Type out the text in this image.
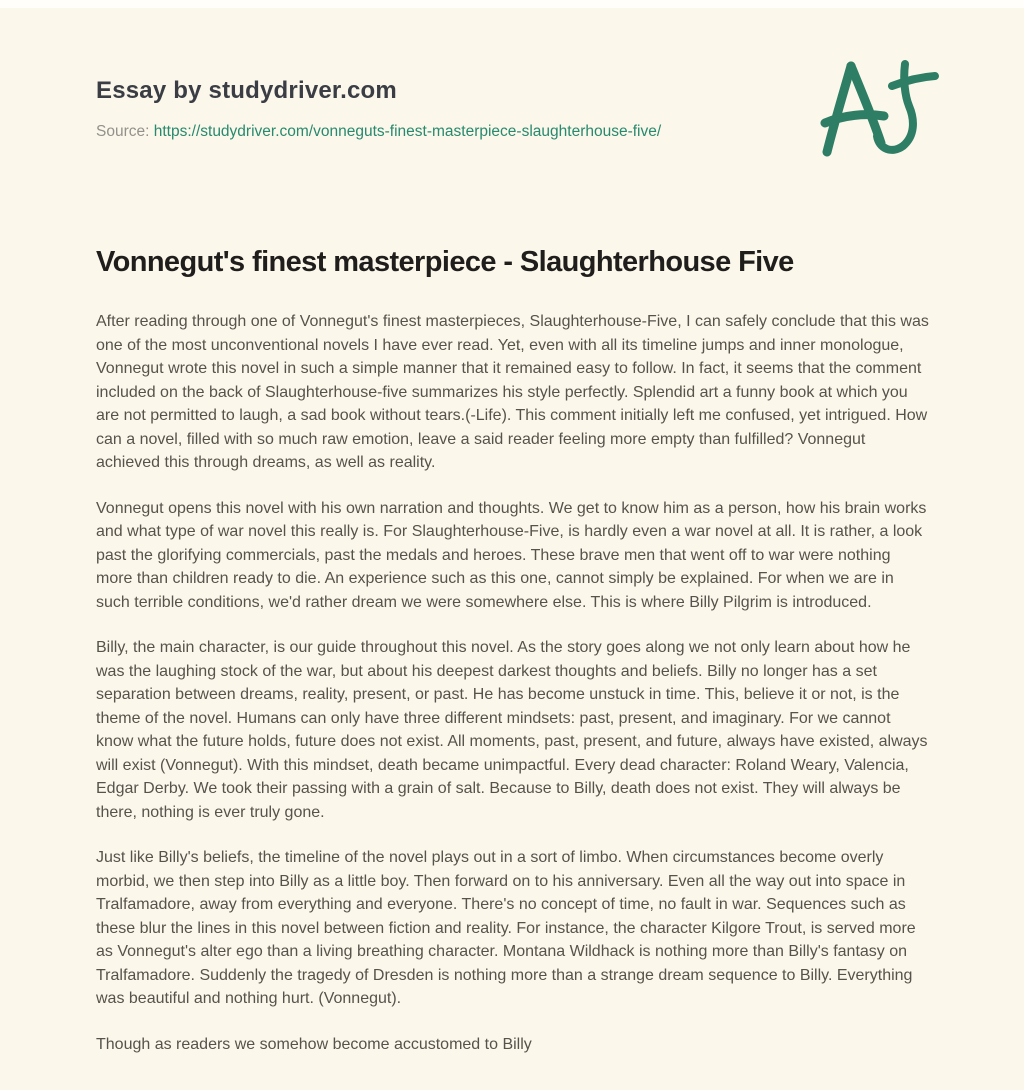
Essay by studydriver.com
Source: https://studydriver.com/vonneguts-finest-masterpiece-slaughterhouse-five/
Vonnegut's finest masterpiece - Slaughterhouse Five

After reading through one of Vonnegut's finest masterpieces, Slaughterhouse-Five, I can safely conclude that this was one of the most unconventional novels I have ever read. Yet, even with all its timeline jumps and inner monologue, Vonnegut wrote this novel in such a simple manner that it remained easy to follow. In fact, it seems that the comment included on the back of Slaughterhouse-five summarizes his style perfectly. Splendid art a funny book at which you are not permitted to laugh, a sad book without tears.(-Life). This comment initially left me confused, yet intrigued. How can a novel, filled with so much raw emotion, leave a said reader feeling more empty than fulfilled? Vonnegut achieved this through dreams, as well as reality.

Vonnegut opens this novel with his own narration and thoughts. We get to know him as a person, how his brain works and what type of war novel this really is. For Slaughterhouse-Five, is hardly even a war novel at all. It is rather, a look past the glorifying commercials, past the medals and heroes. These brave men that went off to war were nothing more than children ready to die. An experience such as this one, cannot simply be explained. For when we are in such terrible conditions, we'd rather dream we were somewhere else. This is where Billy Pilgrim is introduced.

Billy, the main character, is our guide throughout this novel. As the story goes along we not only learn about how he was the laughing stock of the war, but about his deepest darkest thoughts and beliefs. Billy no longer has a set separation between dreams, reality, present, or past. He has become unstuck in time. This, believe it or not, is the theme of the novel. Humans can only have three different mindsets: past, present, and imaginary. For we cannot know what the future holds, future does not exist. All moments, past, present, and future, always have existed, always will exist (Vonnegut). With this mindset, death became unimpactful. Every dead character: Roland Weary, Valencia, Edgar Derby. We took their passing with a grain of salt. Because to Billy, death does not exist. They will always be there, nothing is ever truly gone.

Just like Billy's beliefs, the timeline of the novel plays out in a sort of limbo. When circumstances become overly morbid, we then step into Billy as a little boy. Then forward on to his anniversary. Even all the way out into space in Tralfamadore, away from everything and everyone. There's no concept of time, no fault in war. Sequences such as these blur the lines in this novel between fiction and reality. For instance, the character Kilgore Trout, is served more as Vonnegut's alter ego than a living breathing character. Montana Wildhack is nothing more than Billy's fantasy on Tralfamadore. Suddenly the tragedy of Dresden is nothing more than a strange dream sequence to Billy. Everything was beautiful and nothing hurt. (Vonnegut).

Though as readers we somehow become accustomed to Billy
